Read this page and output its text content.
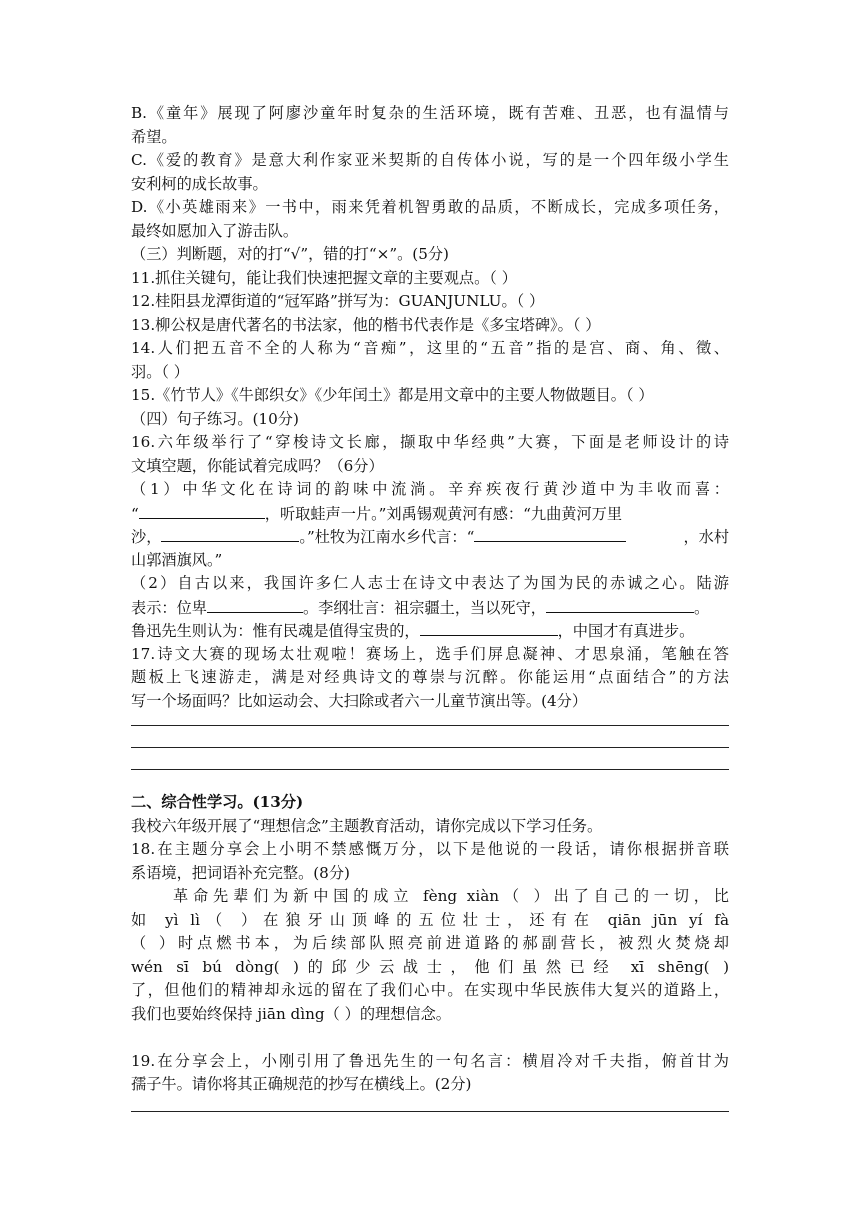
B.《童年》展现了阿廖沙童年时复杂的生活环境，既有苦难、丑恶，也有温情与
希望。
C.《爱的教育》是意大利作家亚米契斯的自传体小说，写的是一个四年级小学生
安利柯的成长故事。
D.《小英雄雨来》一书中，雨来凭着机智勇敢的品质，不断成长，完成多项任务，
最终如愿加入了游击队。
（三）判断题，对的打“√”，错的打“×”。(5分)
11.抓住关键句，能让我们快速把握文章的主要观点。（ ）
12.桂阳县龙潭街道的“冠军路”拼写为：GUANJUNLU。（ ）
13.柳公权是唐代著名的书法家，他的楷书代表作是《多宝塔碑》。（ ）
14.人们把五音不全的人称为“音痴”，这里的“五音”指的是宫、商、角、徵、
羽。（ ）
15.《竹节人》《牛郎织女》《少年闰土》都是用文章中的主要人物做题目。（ ）
（四）句子练习。(10分)
16.六年级举行了“穿梭诗文长廊，撷取中华经典”大赛，下面是老师设计的诗
文填空题，你能试着完成吗？（6分）
（1）中华文化在诗词的韵味中流淌。辛弃疾夜行黄沙道中为丰收而喜：
“	，听取蛙声一片。”刘禹锡观黄河有感：“九曲黄河万里
沙，	。”杜牧为江南水乡代言：“	，水村
山郭酒旗风。”
（2）自古以来，我国许多仁人志士在诗文中表达了为国为民的赤诚之心。陆游
表示：位卑	。李纲壮言：祖宗疆土，当以死守，	。
鲁迅先生则认为：惟有民魂是值得宝贵的，	，中国才有真进步。
17.诗文大赛的现场太壮观啦！赛场上，选手们屏息凝神、才思泉涌，笔触在答
题板上飞速游走，满是对经典诗文的尊崇与沉醉。你能运用“点面结合”的方法
写一个场面吗？比如运动会、大扫除或者六一儿童节演出等。(4分）
二、综合性学习。(13分)
我校六年级开展了“理想信念”主题教育活动，请你完成以下学习任务。
18.在主题分享会上小明不禁感慨万分，以下是他说的一段话，请你根据拼音联
系语境，把词语补充完整。(8分)
革命先辈们为新中国的成立 fèng xiàn（ ）出了自己的一切，比
如 yì lì（ ）在狼牙山顶峰的五位壮士，还有在 qiān jūn yí fà
（ ）时点燃书本，为后续部队照亮前进道路的郝副营长，被烈火焚烧却
wén sī bú dòng( )的邱少云战士，他们虽然已经 xī shēng( )
了，但他们的精神却永远的留在了我们心中。在实现中华民族伟大复兴的道路上，
我们也要始终保持 jiān dìng（ ）的理想信念。
19.在分享会上，小刚引用了鲁迅先生的一句名言：横眉冷对千夫指，俯首甘为
孺子牛。请你将其正确规范的抄写在横线上。(2分)
